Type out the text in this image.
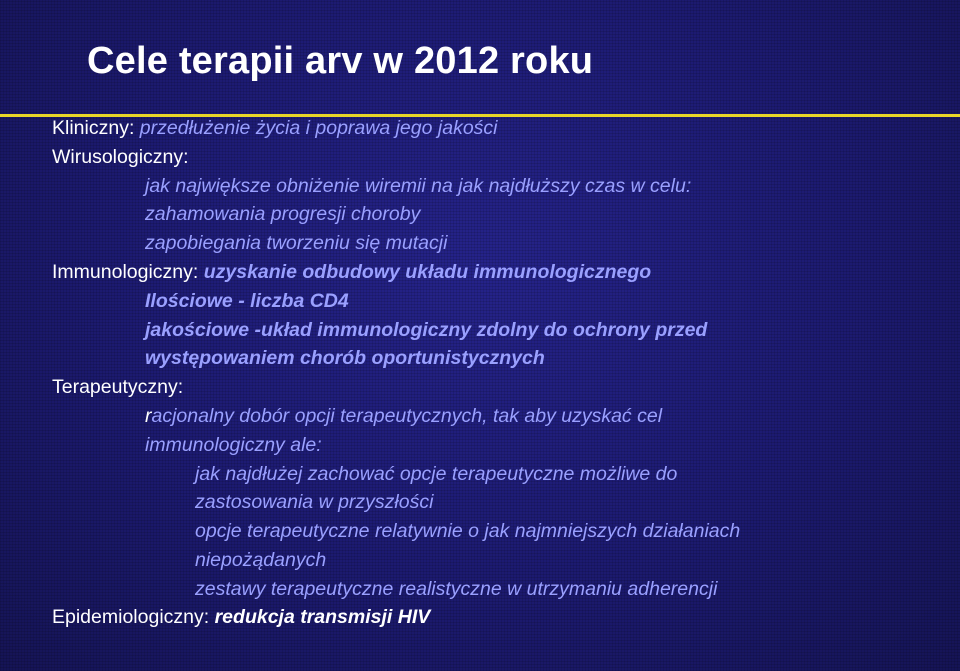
Cele terapii arv w 2012 roku

Kliniczny: przedłużenie życia i poprawa jego jakości

Wirusologiczny:

jak największe obniżenie wiremii na jak najdłuższy czas w celu:

zahamowania progresji choroby

zapobiegania tworzeniu się mutacji

Immunologiczny: uzyskanie odbudowy układu immunologicznego

Ilościowe - liczba CD4

jakościowe -układ immunologiczny zdolny do ochrony przed

występowaniem chorób oportunistycznych

Terapeutyczny:

racjonalny dobór opcji terapeutycznych, tak aby uzyskać cel

immunologiczny ale:

jak najdłużej zachować opcje terapeutyczne możliwe do

zastosowania w przyszłości

opcje terapeutyczne relatywnie o jak najmniejszych działaniach

niepożądanych

zestawy terapeutyczne realistyczne w utrzymaniu adherencji

Epidemiologiczny: redukcja transmisji HIV
